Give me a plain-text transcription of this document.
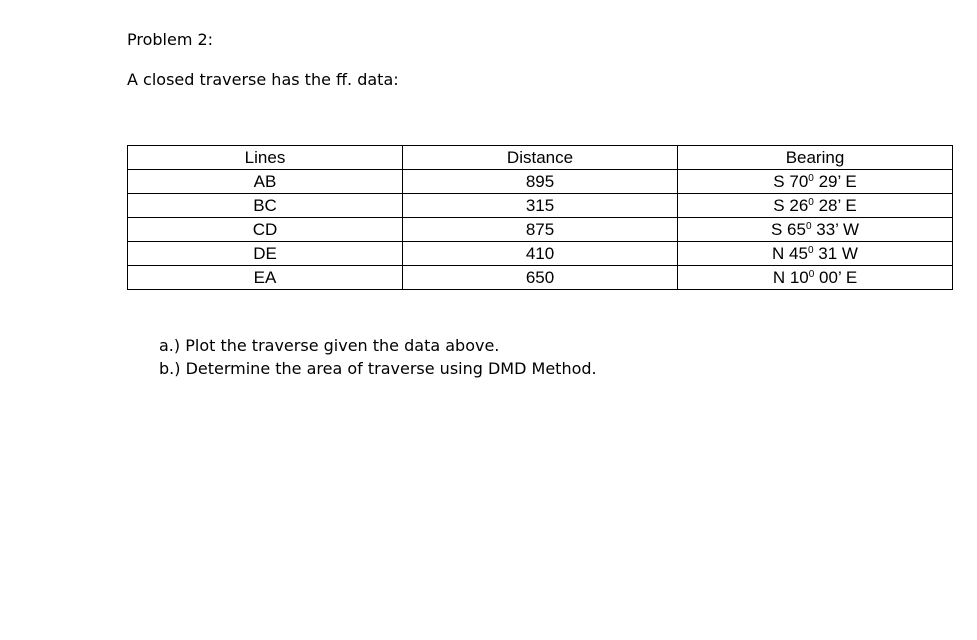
Problem 2:
A closed traverse has the ff. data:
Lines	Distance	Bearing
AB	895	S $70^0$ 29’ E
BC	315	S $26^0$ 28’ E
CD	875	S $65^0$ 33’ W
DE	410	N $45^0$ 31 W
EA	650	N $10^0$ 00’ E
a.) Plot the traverse given the data above.
b.) Determine the area of traverse using DMD Method.
